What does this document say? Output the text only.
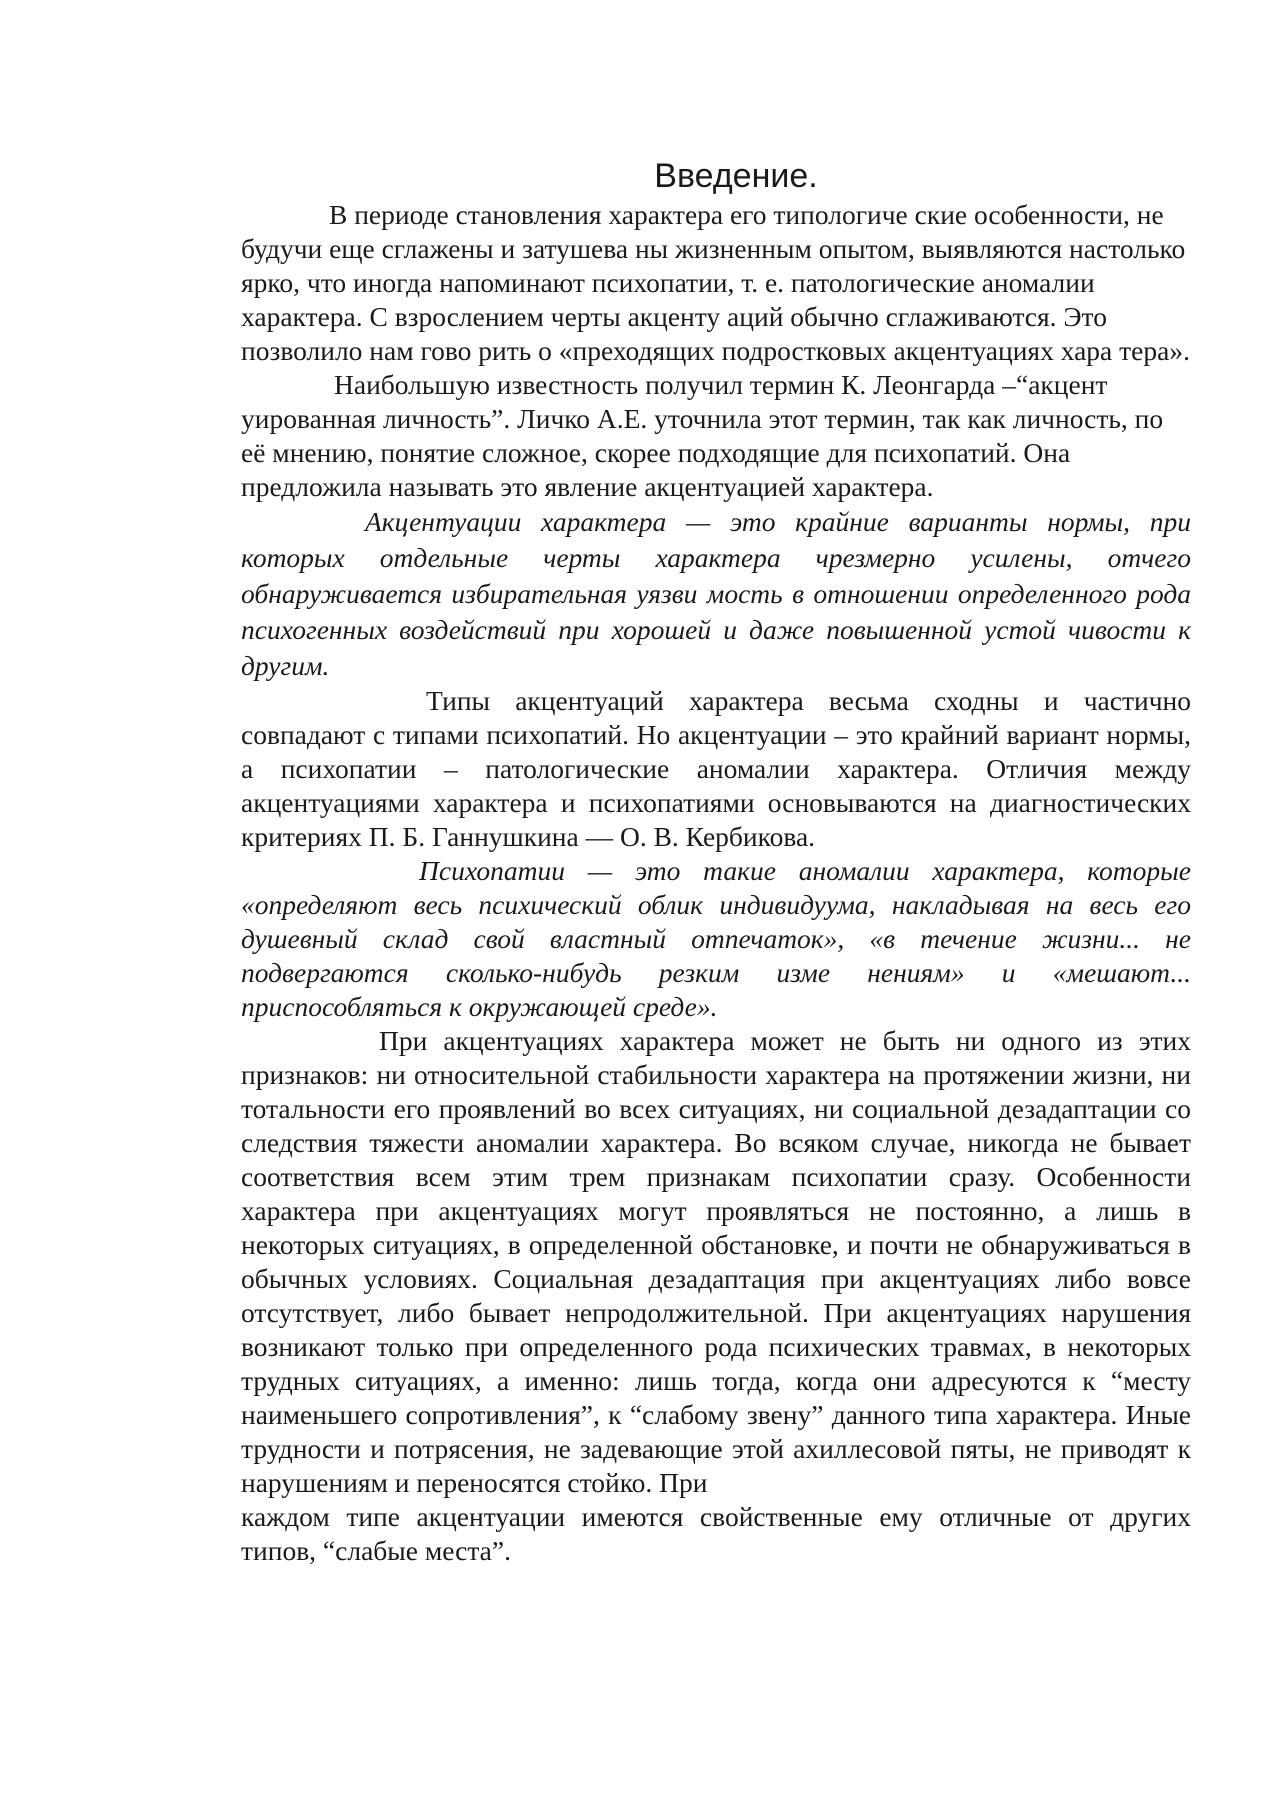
Введение.

В периоде становления характера его типологиче ские особенности, не будучи еще сглажены и затушева ны жизненным опытом, выявляются настолько ярко, что иногда напоминают психопатии, т. е. патологические аномалии характера. С взрослением черты акценту аций обычно сглаживаются. Это позволило нам гово рить о «преходящих подростковых акцентуациях хара тера».

Наибольшую известность получил термин К. Леонгарда –“акцент уированная личность”. Личко А.Е. уточнила этот термин, так как личность, по её мнению, понятие сложное, скорее подходящие для психопатий. Она предложила называть это явление акцентуацией характера.

Акцентуации характера — это крайние варианты нормы, при которых отдельные черты характера чрезмерно усилены, отчего обнаруживается избирательная уязви мость в отношении определенного рода психогенных воздействий при хорошей и даже повышенной устой чивости к другим.

Типы акцентуаций характера весьма сходны и частично совпадают с типами психопатий. Но акцентуации – это крайний вариант нормы, а психопатии – патологические аномалии характера. Отличия между акцентуациями характера и психопатиями основываются на диагностических критериях П. Б. Ганнушкина — О. В. Кербикова.

Психопатии — это такие аномалии характера, которые «определяют весь психический облик индивидуума, накладывая на весь его душевный склад свой властный отпечаток», «в течение жизни... не подвергаются сколько-нибудь резким изме нениям» и «мешают... приспособляться к окружающей среде».

При акцентуациях характера может не быть ни одного из этих признаков: ни относительной стабильности характера на протяжении жизни, ни тотальности его проявлений во всех ситуациях, ни социальной дезадаптации со следствия тяжести аномалии характера. Во всяком случае, никогда не бывает соответствия всем этим трем признакам психопатии сразу. Особенности характера при акцентуациях могут проявляться не постоянно, а лишь в некоторых ситуациях, в определенной обстановке, и почти не обнаруживаться в обычных условиях. Социальная дезадаптация при акцентуациях либо вовсе отсутствует, либо бывает непродолжительной. При акцентуациях нарушения возникают только при определенного рода психических травмах, в некоторых трудных ситуациях, а именно: лишь тогда, когда они адресуются к “месту наименьшего сопротивления”, к “слабому звену” данного типа характера. Иные трудности и потрясения, не задевающие этой ахиллесовой пяты, не приводят к нарушениям и переносятся стойко. При

каждом типе акцентуации имеются свойственные ему отличные от других типов, “слабые места”.
